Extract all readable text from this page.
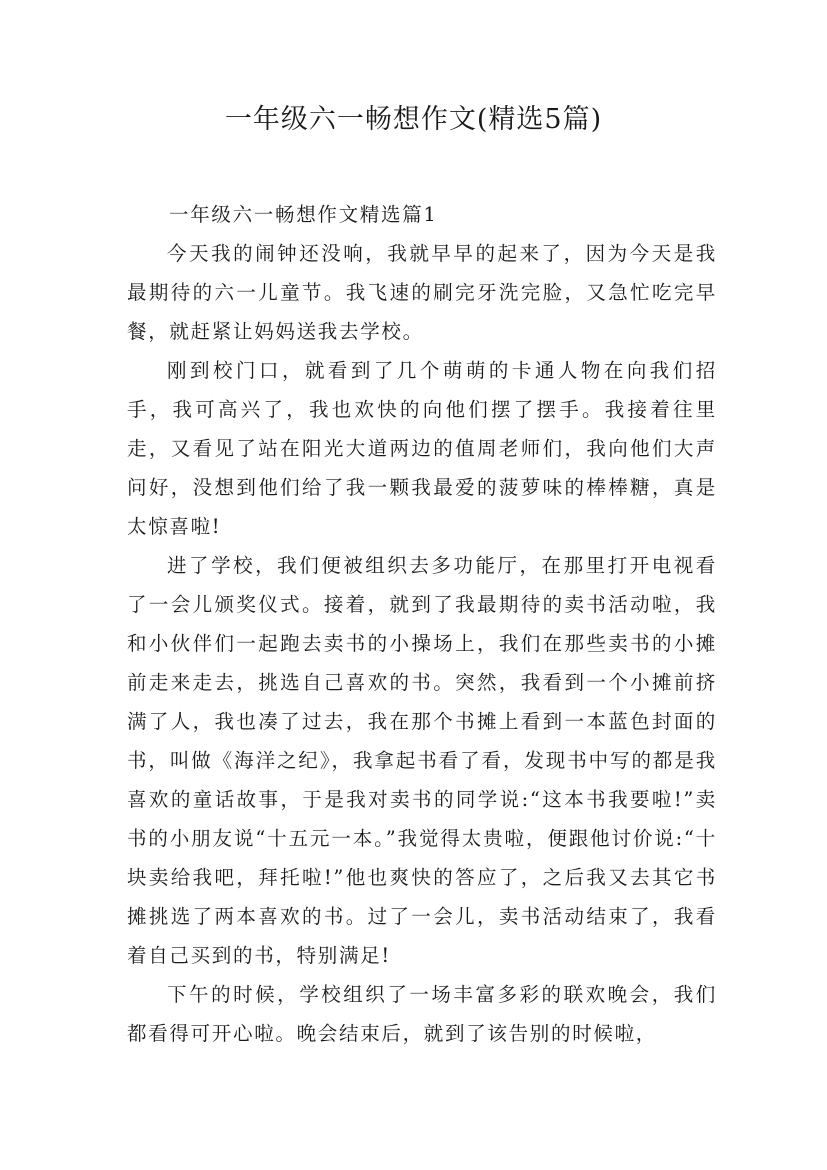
一年级六一畅想作文(精选5篇)

一年级六一畅想作文精选篇1

今天我的闹钟还没响，我就早早的起来了，因为今天是我最期待的六一儿童节。我飞速的刷完牙洗完脸，又急忙吃完早餐，就赶紧让妈妈送我去学校。

刚到校门口，就看到了几个萌萌的卡通人物在向我们招手，我可高兴了，我也欢快的向他们摆了摆手。我接着往里走，又看见了站在阳光大道两边的值周老师们，我向他们大声问好，没想到他们给了我一颗我最爱的菠萝味的棒棒糖，真是太惊喜啦!

进了学校，我们便被组织去多功能厅，在那里打开电视看了一会儿颁奖仪式。接着，就到了我最期待的卖书活动啦，我和小伙伴们一起跑去卖书的小操场上，我们在那些卖书的小摊前走来走去，挑选自己喜欢的书。突然，我看到一个小摊前挤满了人，我也凑了过去，我在那个书摊上看到一本蓝色封面的书，叫做《海洋之纪》，我拿起书看了看，发现书中写的都是我喜欢的童话故事，于是我对卖书的同学说:“这本书我要啦!”卖书的小朋友说“十五元一本。”我觉得太贵啦，便跟他讨价说:“十块卖给我吧，拜托啦!”他也爽快的答应了，之后我又去其它书摊挑选了两本喜欢的书。过了一会儿，卖书活动结束了，我看着自己买到的书，特别满足!

下午的时候，学校组织了一场丰富多彩的联欢晚会，我们都看得可开心啦。晚会结束后，就到了该告别的时候啦，
